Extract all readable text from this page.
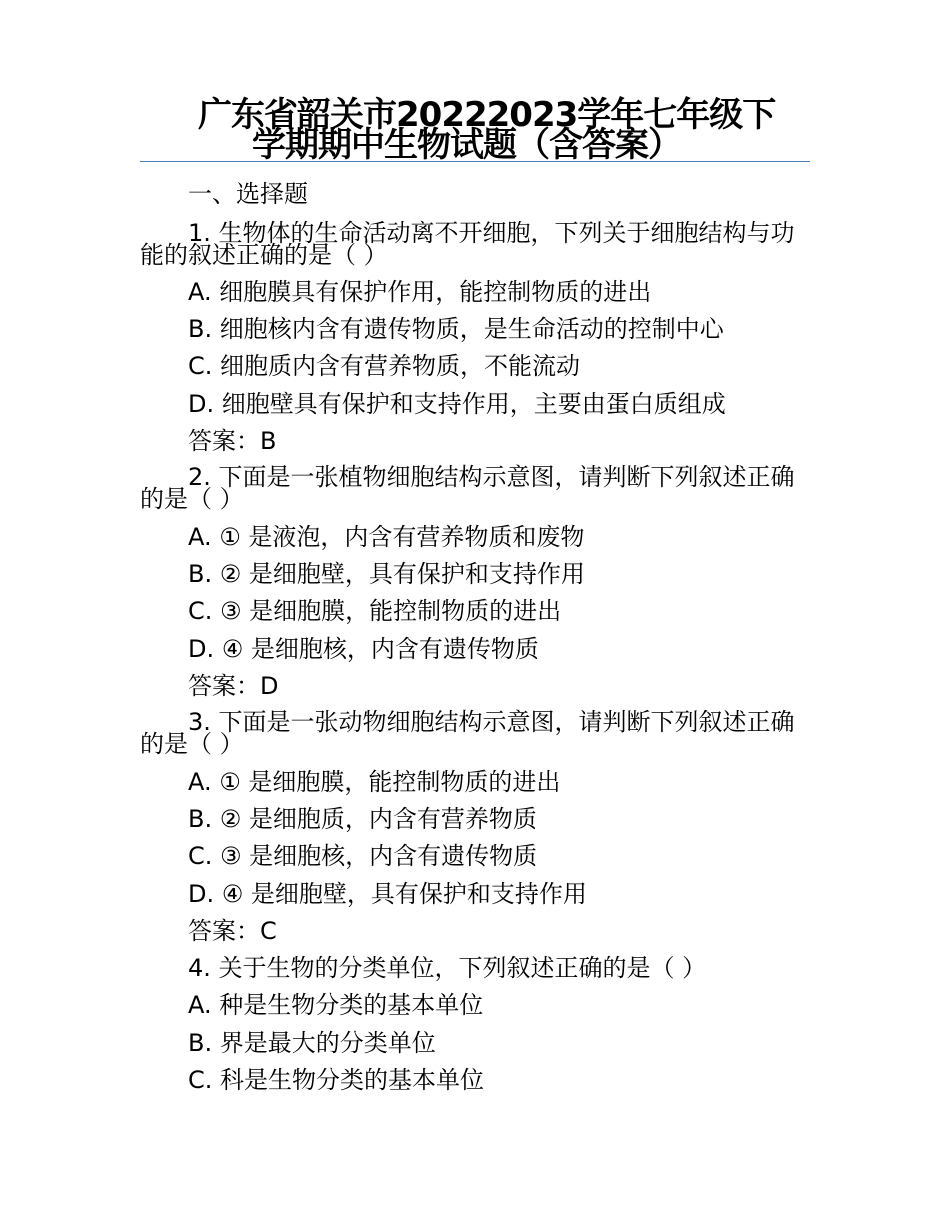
广东省韶关市20222023学年七年级下
学期期中生物试题（含答案）
一、选择题
1. 生物体的生命活动离不开细胞，下列关于细胞结构与功
能的叙述正确的是（ ）
A. 细胞膜具有保护作用，能控制物质的进出
B. 细胞核内含有遗传物质，是生命活动的控制中心
C. 细胞质内含有营养物质，不能流动
D. 细胞壁具有保护和支持作用，主要由蛋白质组成
答案：B
2. 下面是一张植物细胞结构示意图，请判断下列叙述正确
的是（ ）
A. ① 是液泡，内含有营养物质和废物
B. ② 是细胞壁，具有保护和支持作用
C. ③ 是细胞膜，能控制物质的进出
D. ④ 是细胞核，内含有遗传物质
答案：D
3. 下面是一张动物细胞结构示意图，请判断下列叙述正确
的是（ ）
A. ① 是细胞膜，能控制物质的进出
B. ② 是细胞质，内含有营养物质
C. ③ 是细胞核，内含有遗传物质
D. ④ 是细胞壁，具有保护和支持作用
答案：C
4. 关于生物的分类单位，下列叙述正确的是（ ）
A. 种是生物分类的基本单位
B. 界是最大的分类单位
C. 科是生物分类的基本单位
